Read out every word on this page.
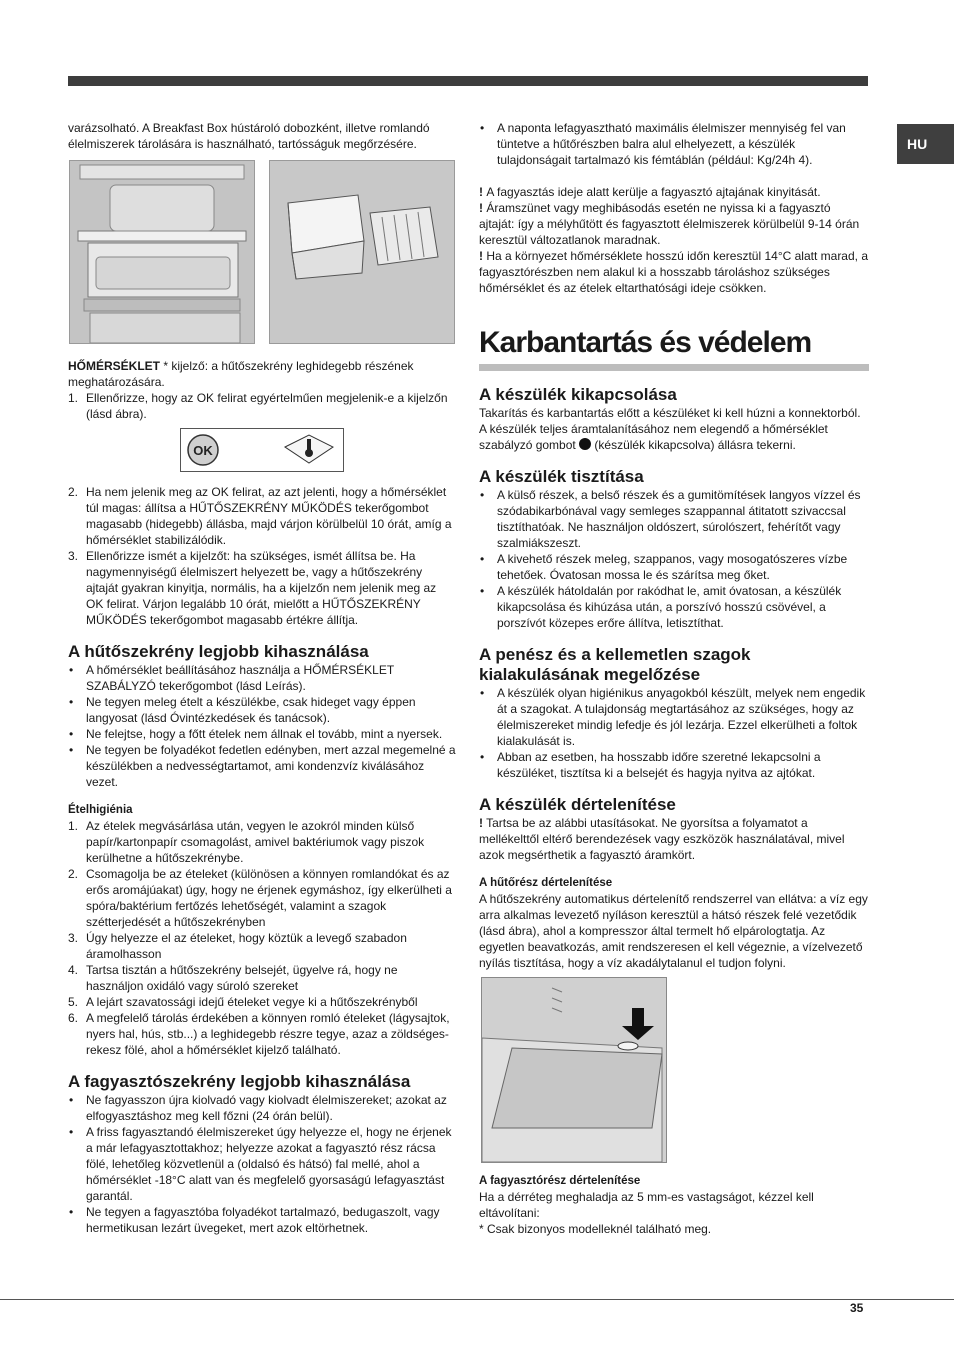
HU

varázsolható. A Breakfast Box hústároló dobozként, illetve romlandó élelmiszerek tárolására is használható, tartósságuk megőrzésére.

HŐMÉRSÉKLET * kijelző: a hűtőszekrény leghidegebb részének meghatározására.

1. Ellenőrizze, hogy az OK felirat egyértelműen megjelenik-e a kijelzőn (lásd ábra).
OK
2. Ha nem jelenik meg az OK felirat, az azt jelenti, hogy a hőmérséklet túl magas: állítsa a HŰTŐSZEKRÉNY MŰKÖDÉS tekerőgombot magasabb (hidegebb) állásba, majd várjon körülbelül 10 órát, amíg a hőmérséklet stabilizálódik.
3. Ellenőrizze ismét a kijelzőt: ha szükséges, ismét állítsa be. Ha nagymennyiségű élelmiszert helyezett be, vagy a hűtőszekrény ajtaját gyakran kinyitja, normális, ha a kijelzőn nem jelenik meg az OK felirat. Várjon legalább 10 órát, mielőtt a HŰTŐSZEKRÉNY MŰKÖDÉS tekerőgombot magasabb értékre állítja.

A hűtőszekrény legjobb kihasználása

• A hőmérséklet beállításához használja a HŐMÉRSÉKLET SZABÁLYZÓ tekerőgombot (lásd Leírás).
• Ne tegyen meleg ételt a készülékbe, csak hideget vagy éppen langyosat (lásd Óvintézkedések és tanácsok).
• Ne felejtse, hogy a főtt ételek nem állnak el tovább, mint a nyersek.
• Ne tegyen be folyadékot fedetlen edényben, mert azzal megemelné a készülékben a nedvességtartamot, ami kondenzvíz kiválásához vezet.

Ételhigiénia

1. Az ételek megvásárlása után, vegyen le azokról minden külső papír/kartonpapír csomagolást, amivel baktériumok vagy piszok kerülhetne a hűtőszekrénybe.
2. Csomagolja be az ételeket (különösen a könnyen romlandókat és az erős aromájúakat) úgy, hogy ne érjenek egymáshoz, így elkerülheti a spóra/baktérium fertőzés lehetőségét, valamint a szagok szétterjedését a hűtőszekrényben
3. Úgy helyezze el az ételeket, hogy köztük a levegő szabadon áramolhasson
4. Tartsa tisztán a hűtőszekrény belsejét, ügyelve rá, hogy ne használjon oxidáló vagy súroló szereket
5. A lejárt szavatossági idejű ételeket vegye ki a hűtőszekrényből
6. A megfelelő tárolás érdekében a könnyen romló ételeket (lágysajtok, nyers hal, hús, stb...) a leghidegebb részre tegye, azaz a zöldséges-rekesz fölé, ahol a hőmérséklet kijelző található.

A fagyasztószekrény legjobb kihasználása

• Ne fagyasszon újra kiolvadó vagy kiolvadt élelmiszereket; azokat az elfogyasztáshoz meg kell főzni (24 órán belül).
• A friss fagyasztandó élelmiszereket úgy helyezze el, hogy ne érjenek a már lefagyasztottakhoz; helyezze azokat a fagyasztó rész rácsa fölé, lehetőleg közvetlenül a (oldalsó és hátsó) fal mellé, ahol a hőmérséklet -18°C alatt van és megfelelő gyorsaságú lefagyasztást garantál.
• Ne tegyen a fagyasztóba folyadékot tartalmazó, bedugaszolt, vagy hermetikusan lezárt üvegeket, mert azok eltörhetnek.
• A naponta lefagyasztható maximális élelmiszer mennyiség fel van tüntetve a hűtőrészben balra alul elhelyezett, a készülék tulajdonságait tartalmazó kis fémtáblán (például: Kg/24h 4).

! A fagyasztás ideje alatt kerülje a fagyasztó ajtajának kinyitását.

! Áramszünet vagy meghibásodás esetén ne nyissa ki a fagyasztó ajtaját: így a mélyhűtött és fagyasztott élelmiszerek körülbelül 9-14 órán keresztül változatlanok maradnak.

! Ha a környezet hőmérséklete hosszú időn keresztül 14°C alatt marad, a fagyasztórészben nem alakul ki a hosszabb tároláshoz szükséges hőmérséklet és az ételek eltarthatósági ideje csökken.

Karbantartás és védelem

A készülék kikapcsolása

Takarítás és karbantartás előtt a készüléket ki kell húzni a konnektorból. A készülék teljes áramtalanításához nem elegendő a hőmérséklet szabályzó gombot  (készülék kikapcsolva) állásra tekerni.

A készülék tisztítása

• A külső részek, a belső részek és a gumitömítések langyos vízzel és szódabikarbónával vagy semleges szappannal átitatott szivaccsal tisztíthatóak. Ne használjon oldószert, súrolószert, fehérítőt vagy szalmiákszeszt.
• A kivehető részek meleg, szappanos, vagy mosogatószeres vízbe tehetőek. Óvatosan mossa le és szárítsa meg őket.
• A készülék hátoldalán por rakódhat le, amit óvatosan, a készülék kikapcsolása és kihúzása után, a porszívó hosszú csövével, a porszívót közepes erőre állítva, letisztíthat.

A penész és a kellemetlen szagok kialakulásának megelőzése

• A készülék olyan higiénikus anyagokból készült, melyek nem engedik át a szagokat. A tulajdonság megtartásához az szükséges, hogy az élelmiszereket mindig lefedje és jól lezárja. Ezzel elkerülheti a foltok kialakulását is.
• Abban az esetben, ha hosszabb időre szeretné lekapcsolni a készüléket, tisztítsa ki a belsejét és hagyja nyitva az ajtókat.

A készülék dértelenítése

! Tartsa be az alábbi utasításokat. Ne gyorsítsa a folyamatot a mellékelttől eltérő berendezések vagy eszközök használatával, mivel azok megsérthetik a fagyasztó áramkört.

A hűtőrész dértelenítése

A hűtőszekrény automatikus dértelenítő rendszerrel van ellátva: a víz egy arra alkalmas levezető nyíláson keresztül a hátsó részek felé vezetődik (lásd ábra), ahol a kompresszor által termelt hő elpárologtatja. Az egyetlen beavatkozás, amit rendszeresen el kell végeznie, a vízelvezető nyílás tisztítása, hogy a víz akadálytalanul el tudjon folyni.

A fagyasztórész dértelenítése

Ha a dérréteg meghaladja az 5 mm-es vastagságot, kézzel kell eltávolítani:

* Csak bizonyos modelleknél található meg.

35
